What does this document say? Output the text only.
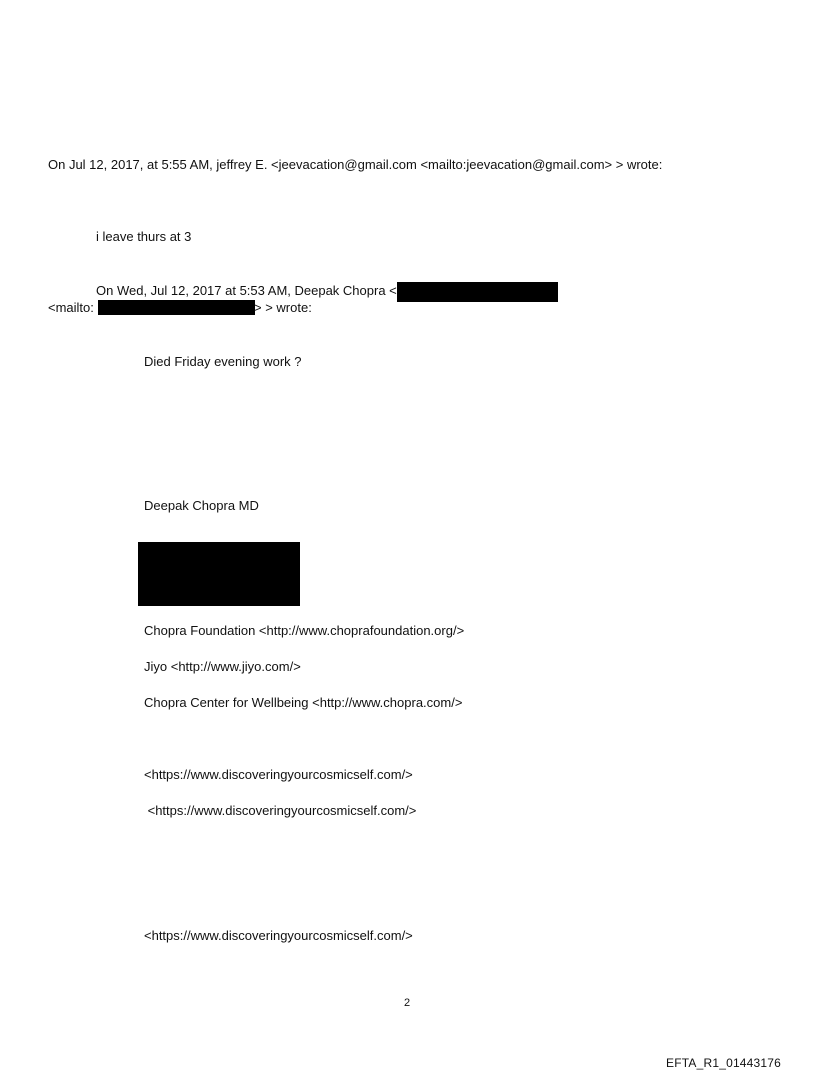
On Jul 12, 2017, at 5:55 AM, jeffrey E. <jeevacation@gmail.com <mailto:jeevacation@gmail.com> > wrote:
i leave thurs at 3
On Wed, Jul 12, 2017 at 5:53 AM, Deepak Chopra <
<mailto:	> > wrote:
Died Friday evening work ?
Deepak Chopra MD
Chopra Foundation <http://www.choprafoundation.org/>
Jiyo <http://www.jiyo.com/>
Chopra Center for Wellbeing <http://www.chopra.com/>
<https://www.discoveringyourcosmicself.com/>
<https://www.discoveringyourcosmicself.com/>
<https://www.discoveringyourcosmicself.com/>
2
EFTA_R1_01443176
